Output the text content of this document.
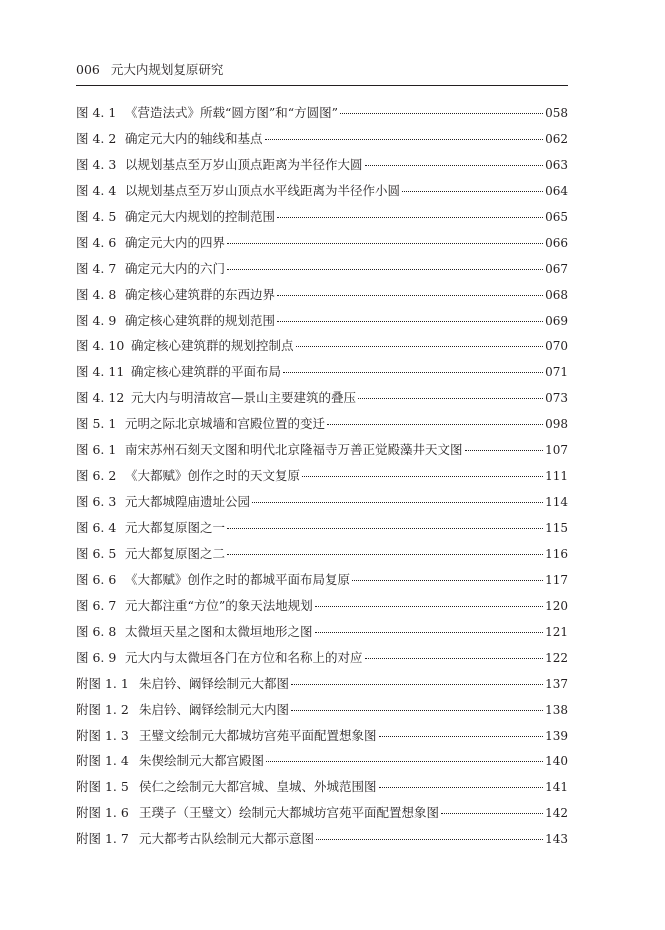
006 元大内规划复原研究
图 4. 1 《营造法式》所载“圆方图”和“方圆图”	058
图 4. 2 确定元大内的轴线和基点	062
图 4. 3 以规划基点至万岁山顶点距离为半径作大圆	063
图 4. 4 以规划基点至万岁山顶点水平线距离为半径作小圆	064
图 4. 5 确定元大内规划的控制范围	065
图 4. 6 确定元大内的四界	066
图 4. 7 确定元大内的六门	067
图 4. 8 确定核心建筑群的东西边界	068
图 4. 9 确定核心建筑群的规划范围	069
图 4. 10 确定核心建筑群的规划控制点	070
图 4. 11 确定核心建筑群的平面布局	071
图 4. 12 元大内与明清故宫—景山主要建筑的叠压	073
图 5. 1 元明之际北京城墙和宫殿位置的变迁	098
图 6. 1 南宋苏州石刻天文图和明代北京隆福寺万善正觉殿藻井天文图	107
图 6. 2 《大都赋》创作之时的天文复原	111
图 6. 3 元大都城隍庙遗址公园	114
图 6. 4 元大都复原图之一	115
图 6. 5 元大都复原图之二	116
图 6. 6 《大都赋》创作之时的都城平面布局复原	117
图 6. 7 元大都注重“方位”的象天法地规划	120
图 6. 8 太微垣天星之图和太微垣地形之图	121
图 6. 9 元大内与太微垣各门在方位和名称上的对应	122
附图 1. 1 朱启钤、阚铎绘制元大都图	137
附图 1. 2 朱启钤、阚铎绘制元大内图	138
附图 1. 3 王璧文绘制元大都城坊宫苑平面配置想象图	139
附图 1. 4 朱偰绘制元大都宫殿图	140
附图 1. 5 侯仁之绘制元大都宫城、皇城、外城范围图	141
附图 1. 6 王璞子（王璧文）绘制元大都城坊宫苑平面配置想象图	142
附图 1. 7 元大都考古队绘制元大都示意图	143
